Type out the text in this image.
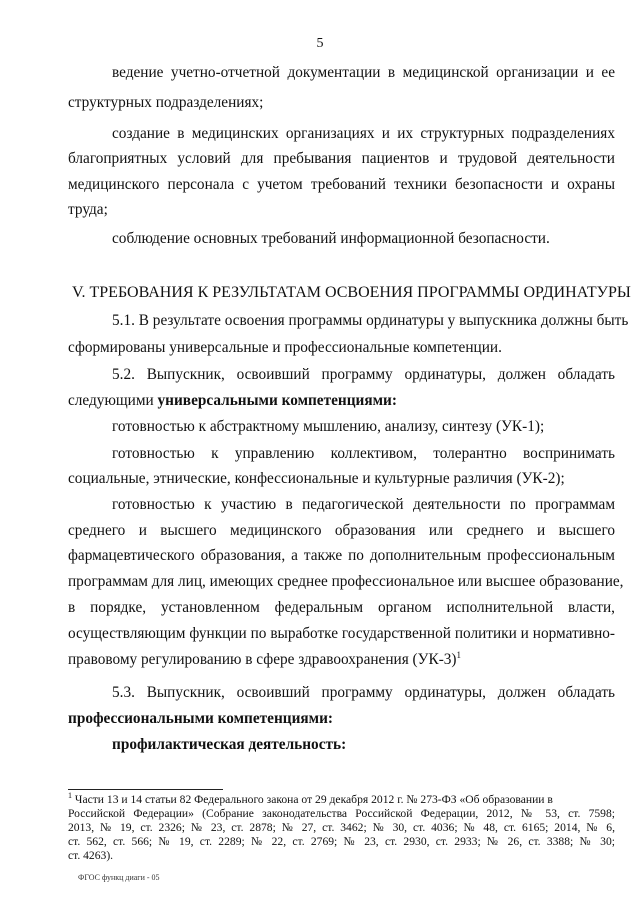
5
ведение учетно-отчетной документации в медицинской организации и ее
структурных подразделениях;
создание в медицинских организациях и их структурных подразделениях
благоприятных условий для пребывания пациентов и трудовой деятельности
медицинского персонала с учетом требований техники безопасности и охраны
труда;
соблюдение основных требований информационной безопасности.
V. ТРЕБОВАНИЯ К РЕЗУЛЬТАТАМ ОСВОЕНИЯ ПРОГРАММЫ ОРДИНАТУРЫ
5.1. В результате освоения программы ординатуры у выпускника должны быть
сформированы универсальные и профессиональные компетенции.
5.2. Выпускник, освоивший программу ординатуры, должен обладать
следующими универсальными компетенциями:
готовностью к абстрактному мышлению, анализу, синтезу (УК-1);
готовностью к управлению коллективом, толерантно воспринимать
социальные, этнические, конфессиональные и культурные различия (УК-2);
готовностью к участию в педагогической деятельности по программам
среднего и высшего медицинского образования или среднего и высшего
фармацевтического образования, а также по дополнительным профессиональным
программам для лиц, имеющих среднее профессиональное или высшее образование,
в порядке, установленном федеральным органом исполнительной власти,
осуществляющим функции по выработке государственной политики и нормативно-
правовому регулированию в сфере здравоохранения $(УК-3)^1$
5.3. Выпускник, освоивший программу ординатуры, должен обладать
профессиональными компетенциями:
профилактическая деятельность:
$^1$ Части 13 и 14 статьи 82 Федерального закона от 29 декабря 2012 г. № 273-ФЗ «Об образовании в
Российской Федерации» (Собрание законодательства Российской Федерации, 2012, № 53, ст. 7598;
2013, № 19, ст. 2326; № 23, ст. 2878; № 27, ст. 3462; № 30, ст. 4036; № 48, ст. 6165; 2014, № 6,
ст. 562, ст. 566; № 19, ст. 2289; № 22, ст. 2769; № 23, ст. 2930, ст. 2933; № 26, ст. 3388; № 30;
ст. 4263).
ФГОС функц диаги - 05
